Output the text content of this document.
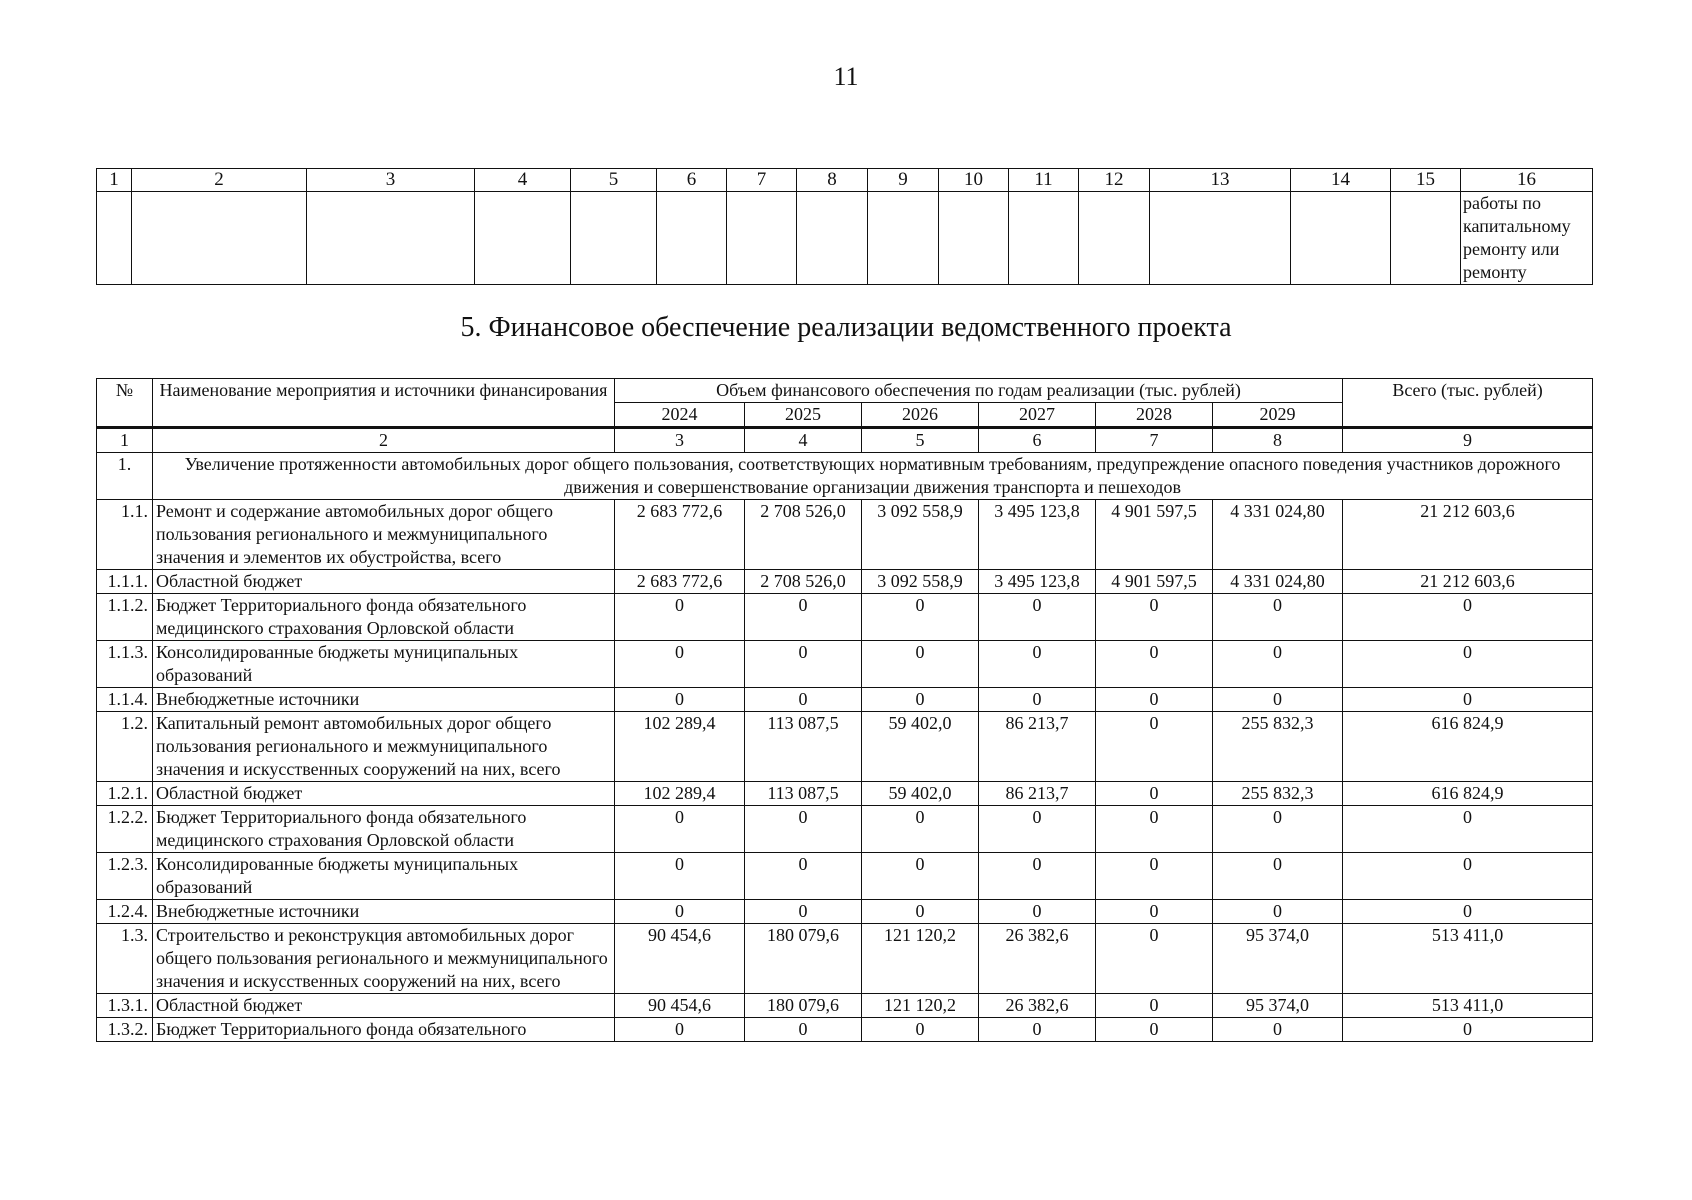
11
1	2	3	4	5	6	7	8	9	10	11	12	13	14	15	16

															работы по
капитальному
ремонту или
ремонту
5. Финансовое обеспечение реализации ведомственного проекта
№	Наименование мероприятия и источники финансирования	Объем финансового обеспечения по годам реализации (тыс. рублей)						Всего (тыс. рублей)
		2024	2025	2026	2027	2028	2029	
1	2	3	4	5	6	7	8	9
1.	Увеличение протяженности автомобильных дорог общего пользования, соответствующих нормативным требованиям, предупреждение опасного поведения участников дорожного движения и совершенствование организации движения транспорта и пешеходов							
1.1.	Ремонт и содержание автомобильных дорог общего пользования регионального и межмуниципального значения и элементов их обустройства, всего	2 683 772,6	2 708 526,0	3 092 558,9	3 495 123,8	4 901 597,5	4 331 024,80	21 212 603,6
1.1.1.	Областной бюджет	2 683 772,6	2 708 526,0	3 092 558,9	3 495 123,8	4 901 597,5	4 331 024,80	21 212 603,6
1.1.2.	Бюджет Территориального фонда обязательного медицинского страхования Орловской области	0	0	0	0	0	0	0
1.1.3.	Консолидированные бюджеты муниципальных образований	0	0	0	0	0	0	0
1.1.4.	Внебюджетные источники	0	0	0	0	0	0	0
1.2.	Капитальный ремонт автомобильных дорог общего пользования регионального и межмуниципального значения и искусственных сооружений на них, всего	102 289,4	113 087,5	59 402,0	86 213,7	0	255 832,3	616 824,9
1.2.1.	Областной бюджет	102 289,4	113 087,5	59 402,0	86 213,7	0	255 832,3	616 824,9
1.2.2.	Бюджет Территориального фонда обязательного медицинского страхования Орловской области	0	0	0	0	0	0	0
1.2.3.	Консолидированные бюджеты муниципальных образований	0	0	0	0	0	0	0
1.2.4.	Внебюджетные источники	0	0	0	0	0	0	0
1.3.	Строительство и реконструкция автомобильных дорог общего пользования регионального и межмуниципального значения и искусственных сооружений на них, всего	90 454,6	180 079,6	121 120,2	26 382,6	0	95 374,0	513 411,0
1.3.1.	Областной бюджет	90 454,6	180 079,6	121 120,2	26 382,6	0	95 374,0	513 411,0
1.3.2.	Бюджет Территориального фонда обязательного	0	0	0	0	0	0	0
